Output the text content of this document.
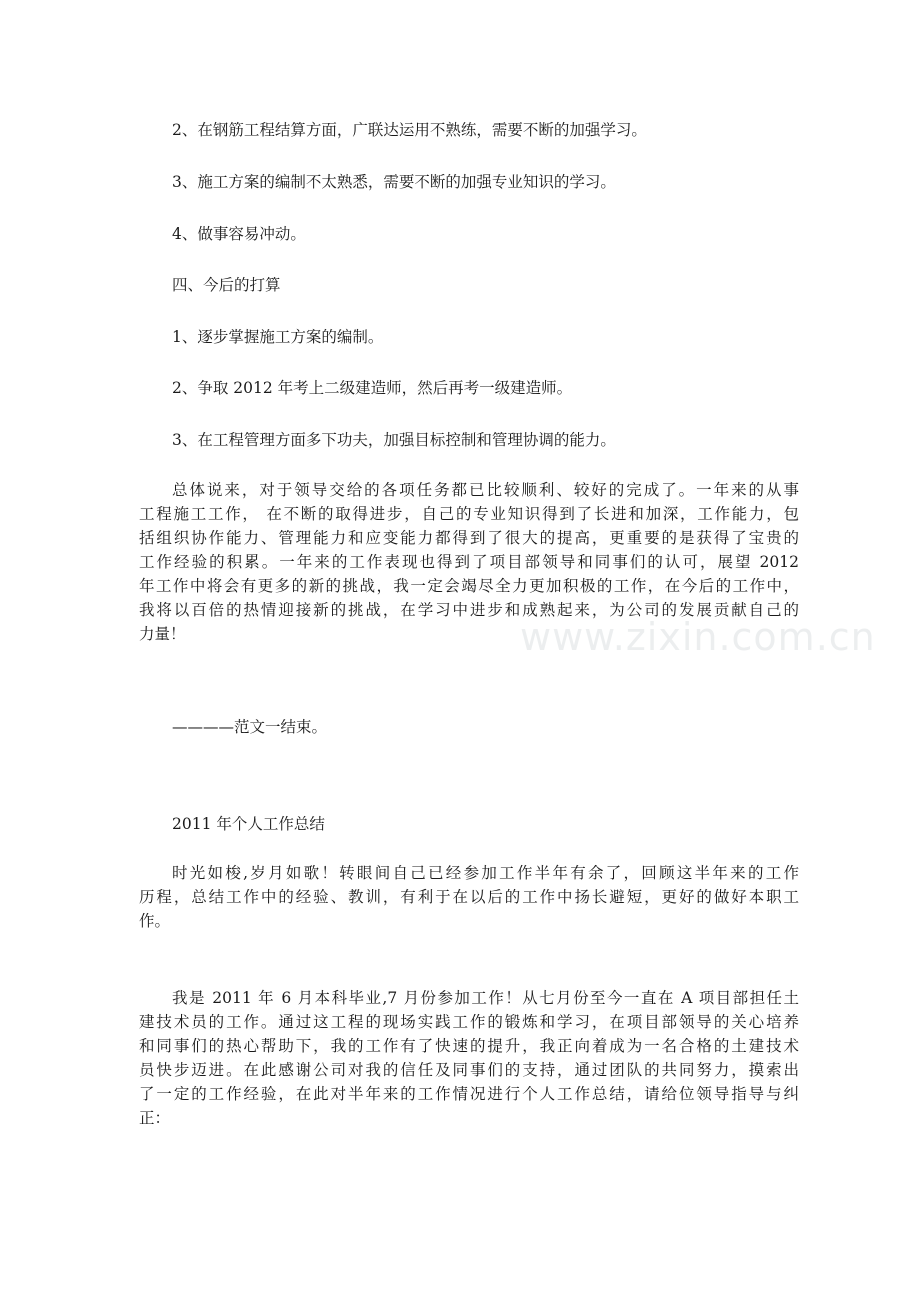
2、在钢筋工程结算方面，广联达运用不熟练，需要不断的加强学习。

3、施工方案的编制不太熟悉，需要不断的加强专业知识的学习。

4、做事容易冲动。

四、今后的打算

1、逐步掌握施工方案的编制。

2、争取 2012 年考上二级建造师，然后再考一级建造师。

3、在工程管理方面多下功夫，加强目标控制和管理协调的能力。

总体说来，对于领导交给的各项任务都已比较顺利、较好的完成了。一年来的从事
工程施工工作， 在不断的取得进步，自己的专业知识得到了长进和加深，工作能力，包
括组织协作能力、管理能力和应变能力都得到了很大的提高，更重要的是获得了宝贵的
工作经验的积累。一年来的工作表现也得到了项目部领导和同事们的认可，展望 2012
年工作中将会有更多的新的挑战，我一定会竭尽全力更加积极的工作，在今后的工作中，
我将以百倍的热情迎接新的挑战，在学习中进步和成熟起来，为公司的发展贡献自己的
力量！

————范文一结束。

2011 年个人工作总结

时光如梭,岁月如歌！转眼间自己已经参加工作半年有余了，回顾这半年来的工作
历程，总结工作中的经验、教训，有利于在以后的工作中扬长避短，更好的做好本职工
作。
我是 2011 年 6 月本科毕业,7 月份参加工作！从七月份至今一直在 A 项目部担任土
建技术员的工作。通过这工程的现场实践工作的锻炼和学习，在项目部领导的关心培养
和同事们的热心帮助下，我的工作有了快速的提升，我正向着成为一名合格的土建技术
员快步迈进。在此感谢公司对我的信任及同事们的支持，通过团队的共同努力，摸索出
了一定的工作经验，在此对半年来的工作情况进行个人工作总结，请给位领导指导与纠
正：
www.zixin.com.cn
